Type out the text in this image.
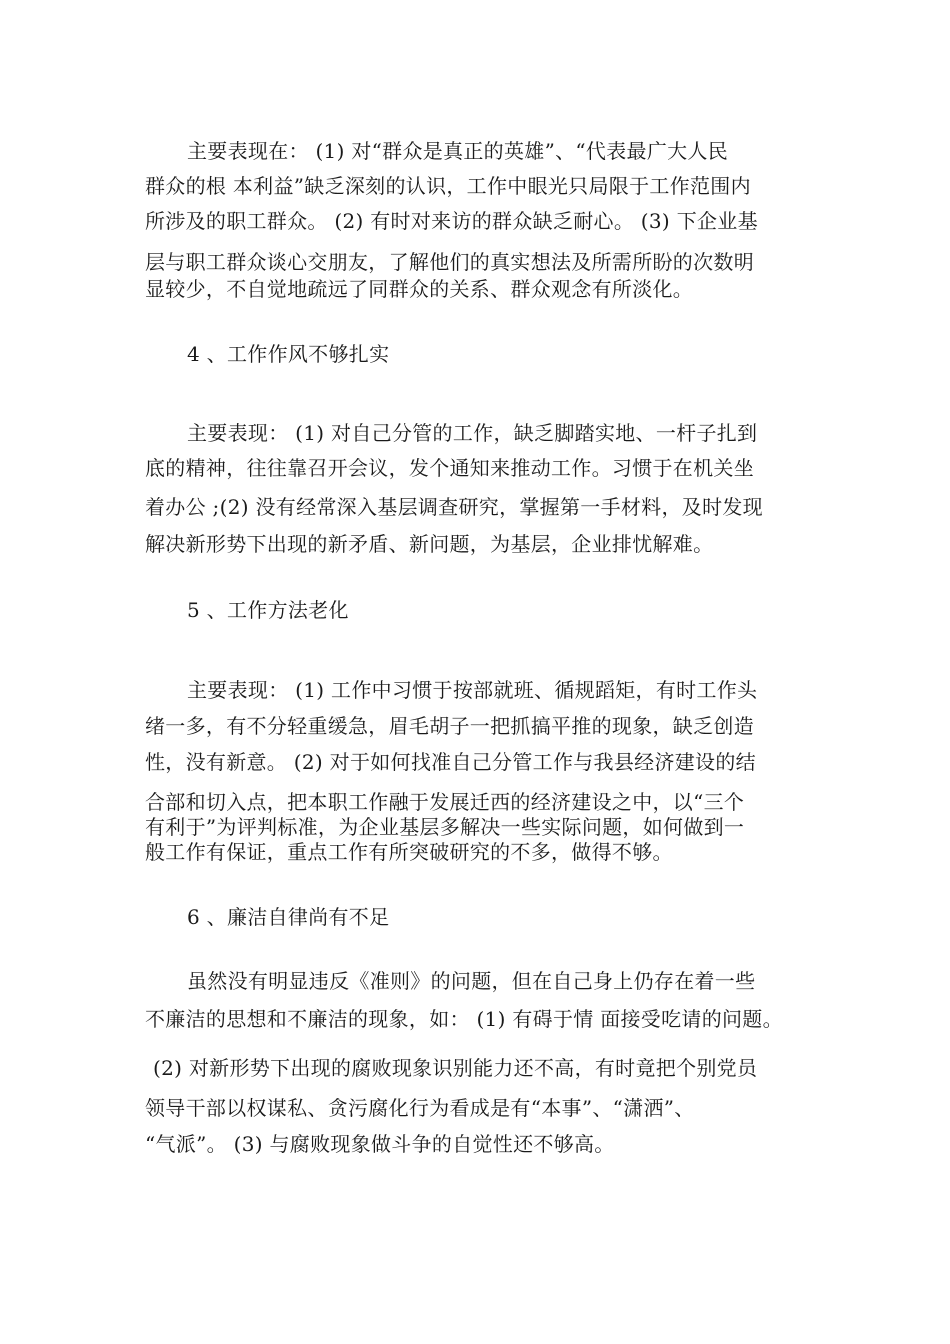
主要表现在： (1) 对“群众是真正的英雄”、“代表最广大人民
群众的根 本利益”缺乏深刻的认识，工作中眼光只局限于工作范围内
所涉及的职工群众。 (2) 有时对来访的群众缺乏耐心。 (3) 下企业基
层与职工群众谈心交朋友，了解他们的真实想法及所需所盼的次数明
显较少，不自觉地疏远了同群众的关系、群众观念有所淡化。
4 、工作作风不够扎实
主要表现： (1) 对自己分管的工作，缺乏脚踏实地、一杆子扎到
底的精神，往往靠召开会议，发个通知来推动工作。习惯于在机关坐
着办公 ;(2) 没有经常深入基层调查研究，掌握第一手材料，及时发现
解决新形势下出现的新矛盾、新问题，为基层，企业排忧解难。
5 、工作方法老化
主要表现： (1) 工作中习惯于按部就班、循规蹈矩，有时工作头
绪一多，有不分轻重缓急，眉毛胡子一把抓搞平推的现象，缺乏创造
性，没有新意。 (2) 对于如何找准自己分管工作与我县经济建设的结
合部和切入点，把本职工作融于发展迁西的经济建设之中，以“三个
有利于”为评判标准，为企业基层多解决一些实际问题，如何做到一
般工作有保证，重点工作有所突破研究的不多，做得不够。
6 、廉洁自律尚有不足
虽然没有明显违反《准则》的问题，但在自己身上仍存在着一些
不廉洁的思想和不廉洁的现象，如： (1) 有碍于情 面接受吃请的问题。
(2) 对新形势下出现的腐败现象识别能力还不高，有时竟把个别党员
领导干部以权谋私、贪污腐化行为看成是有“本事”、“潇洒”、
“气派”。 (3) 与腐败现象做斗争的自觉性还不够高。
